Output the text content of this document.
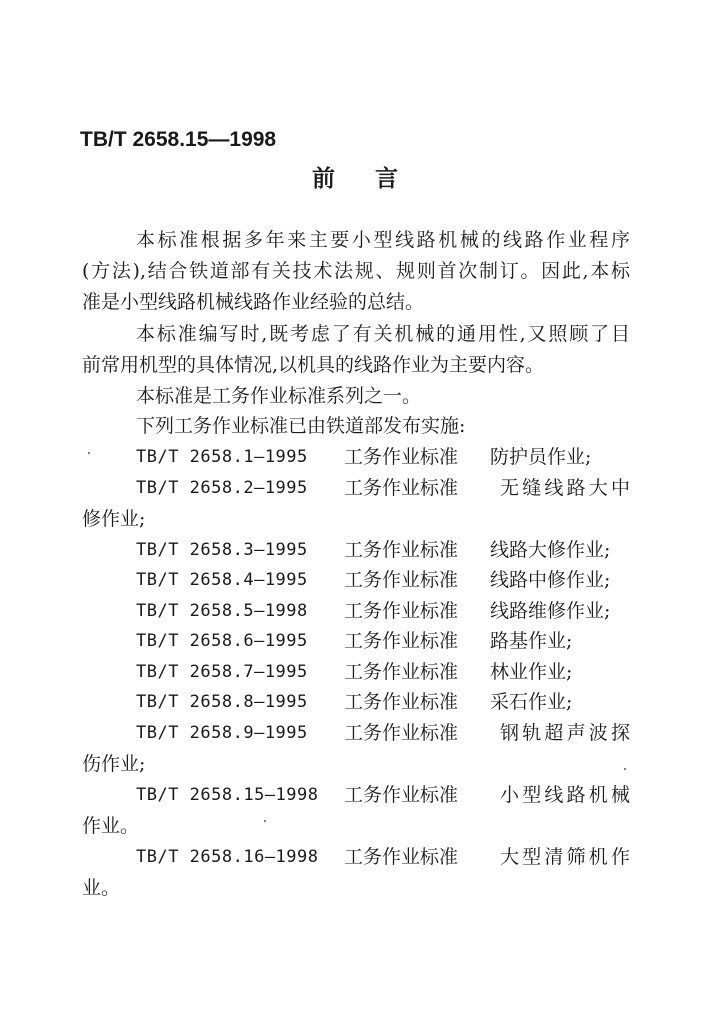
TB/T 2658.15—1998
前言
本标准根据多年来主要小型线路机械的线路作业程序
(方法),结合铁道部有关技术法规、规则首次制订。因此,本标
准是小型线路机械线路作业经验的总结。
本标准编写时,既考虑了有关机械的通用性,又照顾了目
前常用机型的具体情况,以机具的线路作业为主要内容。
本标准是工务作业标准系列之一。
下列工务作业标准已由铁道部发布实施:
TB/T 2658.1—1995 工务作业标准 防护员作业;
TB/T 2658.2—1995 工务作业标准 无缝线路大中
修作业;
TB/T 2658.3—1995 工务作业标准 线路大修作业;
TB/T 2658.4—1995 工务作业标准 线路中修作业;
TB/T 2658.5—1998 工务作业标准 线路维修作业;
TB/T 2658.6—1995 工务作业标准 路基作业;
TB/T 2658.7—1995 工务作业标准 林业作业;
TB/T 2658.8—1995 工务作业标准 采石作业;
TB/T 2658.9—1995 工务作业标准 钢轨超声波探
伤作业;
TB/T 2658.15—1998 工务作业标准 小型线路机械
作业。
TB/T 2658.16—1998 工务作业标准 大型清筛机作
业。
